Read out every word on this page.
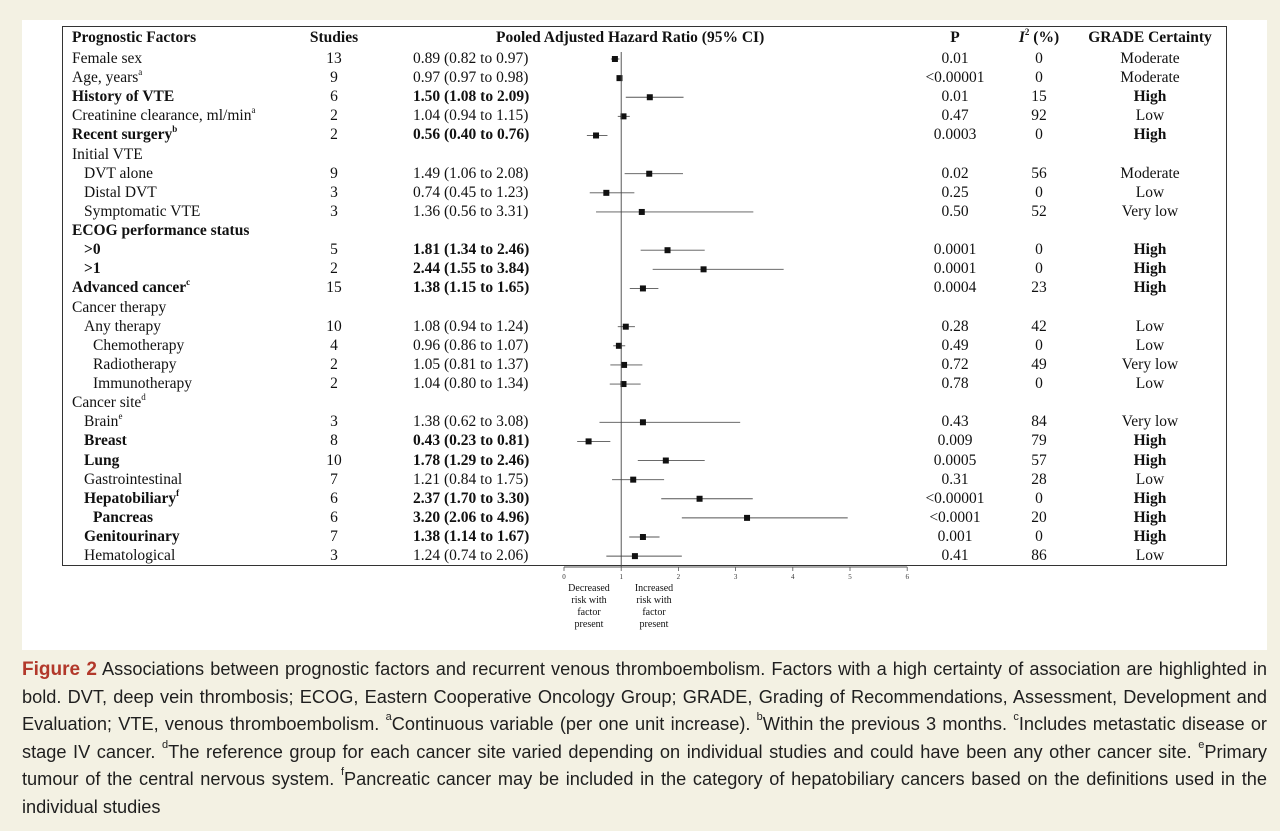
Prognostic Factors	Studies	Pooled Adjusted Hazard Ratio (95% CI)	P	$I^2$ (%)	GRADE Certainty
Female sex	13	0.89 (0.82 to 0.97)	0.01	0	Moderate
Age, years$^a$	9	0.97 (0.97 to 0.98)	<0.00001	0	Moderate
History of VTE	6	1.50 (1.08 to 2.09)	0.01	15	High
Creatinine clearance, $ml/\min^a$	2	1.04 (0.94 to 1.15)	0.47	92	Low
Recent surgery$^b$	2	0.56 (0.40 to 0.76)	0.0003	0	High
Initial VTE
DVT alone	9	1.49 (1.06 to 2.08)	0.02	56	Moderate
Distal DVT	3	0.74 (0.45 to 1.23)	0.25	0	Low
Symptomatic VTE	3	1.36 (0.56 to 3.31)	0.50	52	Very low
ECOG performance status
>0	5	1.81 (1.34 to 2.46)	0.0001	0	High
>1	2	2.44 (1.55 to 3.84)	0.0001	0	High
Advanced cancer$^c$	15	1.38 (1.15 to 1.65)	0.0004	23	High
Cancer therapy
Any therapy	10	1.08 (0.94 to 1.24)	0.28	42	Low
Chemotherapy	4	0.96 (0.86 to 1.07)	0.49	0	Low
Radiotherapy	2	1.05 (0.81 to 1.37)	0.72	49	Very low
Immunotherapy	2	1.04 (0.80 to 1.34)	0.78	0	Low
Cancer site$^d$
Brain$^e$	3	1.38 (0.62 to 3.08)	0.43	84	Very low
Breast	8	0.43 (0.23 to 0.81)	0.009	79	High
Lung	10	1.78 (1.29 to 2.46)	0.0005	57	High
Gastrointestinal	7	1.21 (0.84 to 1.75)	0.31	28	Low
Hepatobiliary$^f$	6	2.37 (1.70 to 3.30)	<0.00001	0	High
Pancreas	6	3.20 (2.06 to 4.96)	<0.0001	20	High
Genitourinary	7	1.38 (1.14 to 1.67)	0.001	0	High
Hematological	3	1.24 (0.74 to 2.06)	0.41	86	Low
0	1	2	3	4	5	6
Decreased
risk with
factor
present
Increased
risk with
factor
present
Figure 2 Associations between prognostic factors and recurrent venous thromboembolism. Factors with a high certainty of association are highlighted in bold. DVT, deep vein thrombosis; ECOG, Eastern Cooperative Oncology Group; GRADE, Grading of Recommendations, Assessment, Development and Evaluation; VTE, venous thromboembolism. $^a$Continuous variable (per one unit increase). $^b$Within the previous 3 months. $^c$Includes metastatic disease or stage IV cancer. $^d$The reference group for each cancer site varied depending on individual studies and could have been any other cancer site. $^e$Primary tumour of the central nervous system. $^f$Pancreatic cancer may be included in the category of hepatobiliary cancers based on the definitions used in the individual studies
